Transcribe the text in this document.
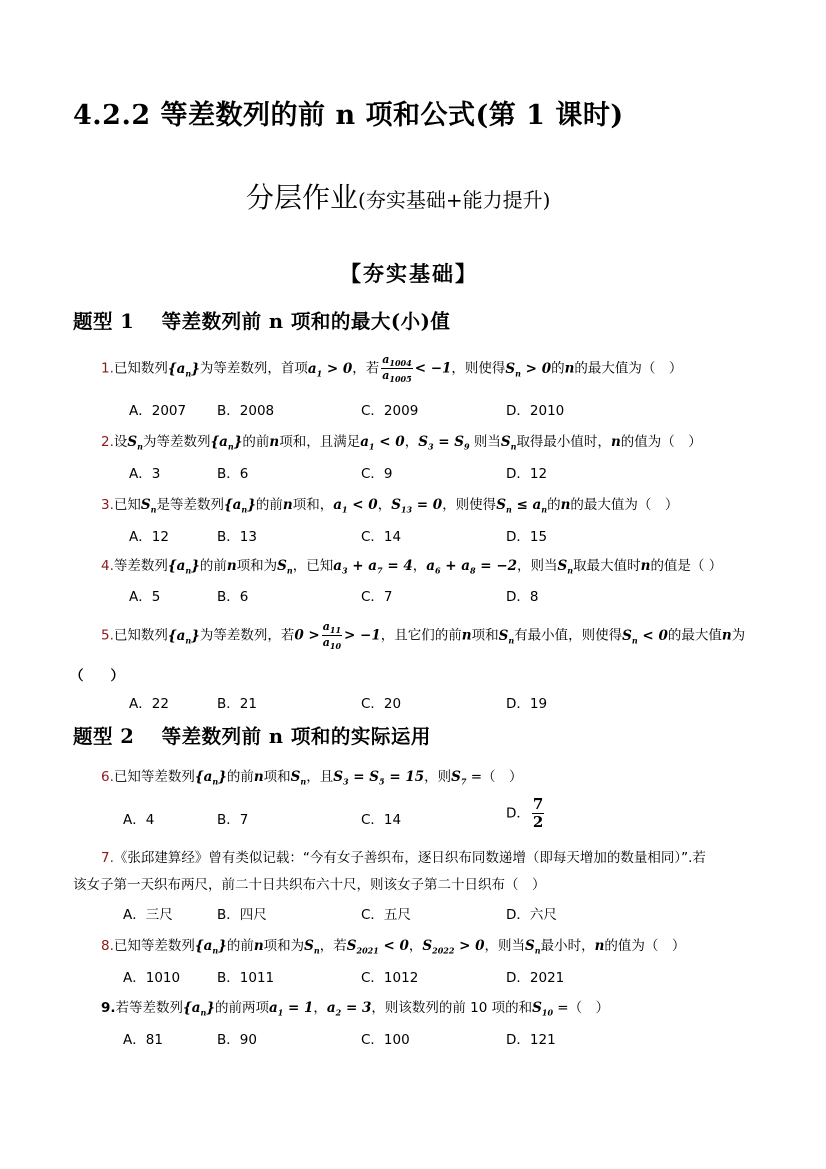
4.2.2 等差数列的前 n 项和公式(第 1 课时)
分层作业(夯实基础+能力提升)
【夯实基础】
题型 1　 等差数列前 n 项和的最大(小)值
1.已知数列$\{a_n\}$为等差数列，首项$a_1 > 0$，若 $\frac{a_{1004}}{a_{1005}} < -1$，则使得$S_n > 0$的n的最大值为（　）
A．2007 B．2008	C．2009	D．2010
2.设$S_n$为等差数列$\{a_n\}$的前n项和，且满足$a_1 < 0$，$S_3 = S_9$ 则当$S_n$取得最小值时，n的值为（　）
A．3	B．6	C．9	D．12
3.已知$S_n$是等差数列$\{a_n\}$的前n项和，$a_1 < 0$，$S_{13} = 0$，则使得$S_n \le a_n$的n的最大值为（　）
A．12	B．13	C．14	D．15
4.等差数列$\{a_n\}$的前n项和为$S_n$，已知$a_3 + a_7 = 4$，$a_6 + a_8 = -2$，则当$S_n$取最大值时n的值是（ ）
A．5	B．6	C．7	D．8
5.已知数列$\{a_n\}$为等差数列，若$0 > \frac{a_{11}}{a_{10}} > -1$，且它们的前n项和$S_n$有最小值，则使得$S_n < 0$的最大值n为
（　　）
A．22	B．21	C．20	D．19
题型 2　 等差数列前 n 项和的实际运用
6.已知等差数列$\{a_n\}$的前n项和$S_n$，且$S_3 = S_5 = 15$，则$S_7$ =（　）
A．4	B．7	C．14	D． $\frac{7}{2}$
7.《张邱建算经》曾有类似记载：“今有女子善织布，逐日织布同数递增（即每天增加的数量相同）”.若
该女子第一天织布两尺，前二十日共织布六十尺，则该女子第二十日织布（　）
A．三尺	B．四尺	C．五尺	D．六尺
8.已知等差数列$\{a_n\}$的前n项和为$S_n$，若$S_{2021} < 0$，$S_{2022} > 0$，则当$S_n$最小时，n的值为（　）
A．1010	B．1011	C．1012	D．2021
9.若等差数列$\{a_n\}$的前两项$a_1 = 1$，$a_2 = 3$，则该数列的前 10 项的和$S_{10}$ =（　）
A．81	B．90	C．100	D．121
